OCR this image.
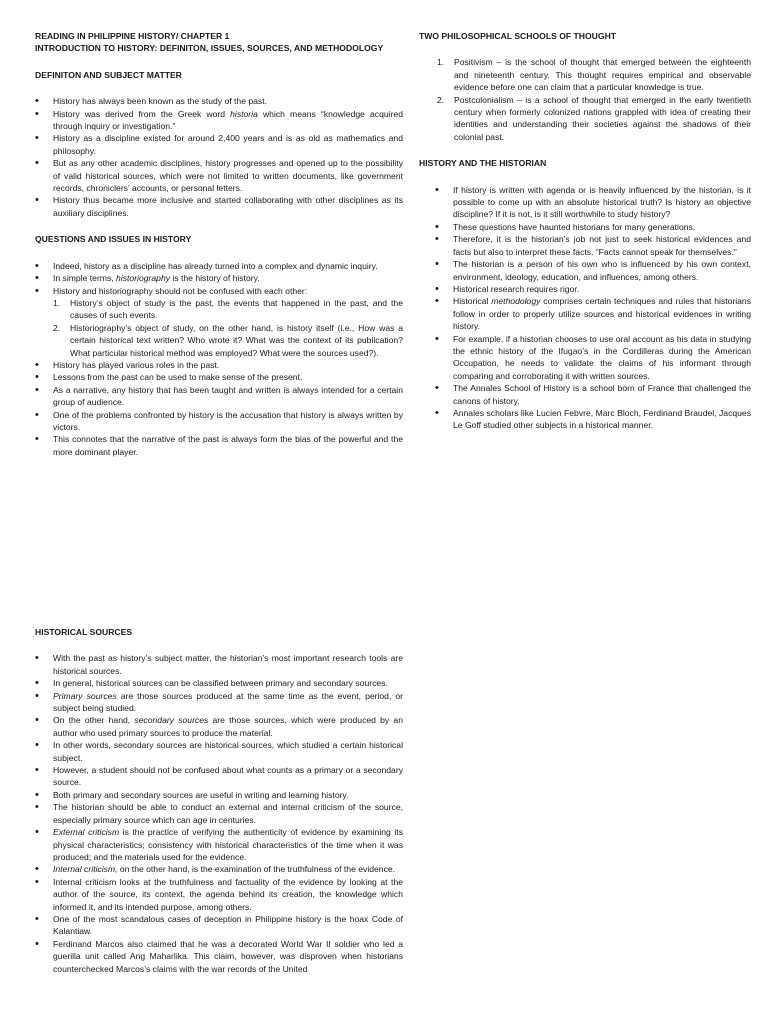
READING IN PHILIPPINE HISTORY/ CHAPTER 1

INTRODUCTION TO HISTORY: DEFINITON, ISSUES, SOURCES, AND METHODOLOGY

DEFINITON AND SUBJECT MATTER

• History has always been known as the study of the past.
• History was derived from the Greek word historia which means “knowledge acquired through inquiry or investigation.”
• History as a discipline existed for around 2,400 years and is as old as mathematics and philosophy.
• But as any other academic disciplines, history progresses and opened up to the possibility of valid historical sources, which were not limited to written documents, like government records, chroniclers’ accounts, or personal letters.
• History thus became more inclusive and started collaborating with other disciplines as its auxiliary disciplines.

QUESTIONS AND ISSUES IN HISTORY

• Indeed, history as a discipline has already turned into a complex and dynamic inquiry.
• In simple terms, historiography is the history of history.
• History and historiography should not be confused with each other:
1. History’s object of study is the past, the events that happened in the past, and the causes of such events.
2. Historiography’s object of study, on the other hand, is history itself (i.e., How was a certain historical text written? Who wrote it? What was the context of its publication? What particular historical method was employed? What were the sources used?).
• History has played various roles in the past.
• Lessons from the past can be used to make sense of the present.
• As a narrative, any history that has been taught and written is always intended for a certain group of audience.
• One of the problems confronted by history is the accusation that history is always written by victors.
• This connotes that the narrative of the past is always form the bias of the powerful and the more dominant player.

TWO PHILOSOPHICAL SCHOOLS OF THOUGHT

1. Positivism – is the school of thought that emerged between the eighteenth and nineteenth century. This thought requires empirical and observable evidence before one can claim that a particular knowledge is true.
2. Postcolonialism – is a school of thought that emerged in the early twentieth century when formerly colonized nations grappled with idea of creating their identities and understanding their societies against the shadows of their colonial past.

HISTORY AND THE HISTORIAN

• If history is written with agenda or is heavily influenced by the historian, is it possible to come up with an absolute historical truth? Is history an objective discipline? If it is not, is it still worthwhile to study history?
• These questions have haunted historians for many generations.
• Therefore, it is the historian’s job not just to seek historical evidences and facts but also to interpret these facts. “Facts cannot speak for themselves.”
• The historian is a person of his own who is influenced by his own context, environment, ideology, education, and influences, among others.
• Historical research requires rigor.
• Historical methodology comprises certain techniques and rules that historians follow in order to properly utilize sources and historical evidences in writing history.
• For example, if a historian chooses to use oral account as his data in studying the ethnic history of the Ifugao’s in the Cordilleras during the American Occupation, he needs to validate the claims of his informant through comparing and corroborating it with written sources.
• The Annales School of History is a school born of France that challenged the canons of history.
• Annales scholars like Lucien Febvre, Marc Bloch, Ferdinand Braudel, Jacques Le Goff studied other subjects in a historical manner.

HISTORICAL SOURCES

• With the past as history’s subject matter, the historian’s most important research tools are historical sources.
• In general, historical sources can be classified between primary and secondary sources.
• Primary sources are those sources produced at the same time as the event, period, or subject being studied.
• On the other hand, secondary sources are those sources, which were produced by an author who used primary sources to produce the material.
• In other words, secondary sources are historical sources, which studied a certain historical subject.
• However, a student should not be confused about what counts as a primary or a secondary source.
• Both primary and secondary sources are useful in writing and learning history.
• The historian should be able to conduct an external and internal criticism of the source, especially primary source which can age in centuries.
• External criticism is the practice of verifying the authenticity of evidence by examining its physical characteristics; consistency with historical characteristics of the time when it was produced; and the materials used for the evidence.
• Internal criticism, on the other hand, is the examination of the truthfulness of the evidence.
• Internal criticism looks at the truthfulness and factuality of the evidence by looking at the author of the source, its context, the agenda behind its creation, the knowledge which informed it, and its intended purpose, among others.
• One of the most scandalous cases of deception in Philippine history is the hoax Code of Kalantiaw.
• Ferdinand Marcos also claimed that he was a decorated World War II soldier who led a guerilla unit called Ang Maharlika. This claim, however, was disproven when historians counterchecked Marcos’s claims with the war records of the United
